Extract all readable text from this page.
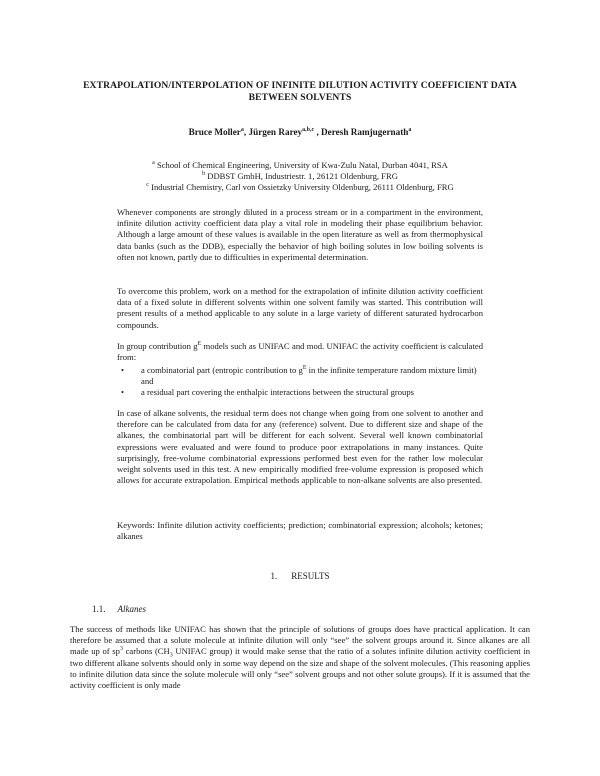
EXTRAPOLATION/INTERPOLATION OF INFINITE DILUTION ACTIVITY COEFFICIENT DATA BETWEEN SOLVENTS
Bruce Moller$^a$, Jürgen Rarey$^{a,b,c}$ , Deresh Ramjugernath$^a$
$^a$ School of Chemical Engineering, University of Kwa-Zulu Natal, Durban 4041, RSA
$^b$ DDBST GmbH, Industriestr. 1, 26121 Oldenburg, FRG
$^c$ Industrial Chemistry, Carl von Ossietzky University Oldenburg, 26111 Oldenburg, FRG

Whenever components are strongly diluted in a process stream or in a compartment in the environment, infinite dilution activity coefficient data play a vital role in modeling their phase equilibrium behavior. Although a large amount of these values is available in the open literature as well as from thermophysical data banks (such as the DDB), especially the behavior of high boiling solutes in low boiling solvents is often not known, partly due to difficulties in experimental determination.

To overcome this problem, work on a method for the extrapolation of infinite dilution activity coefficient data of a fixed solute in different solvents within one solvent family was started. This contribution will present results of a method applicable to any solute in a large variety of different saturated hydrocarbon compounds.

In group contribution $g^E$ models such as UNIFAC and mod. UNIFAC the activity coefficient is calculated from:

• a combinatorial part (entropic contribution to $g^E$ in the infinite temperature random mixture limit) and
• a residual part covering the enthalpic interactions between the structural groups

In case of alkane solvents, the residual term does not change when going from one solvent to another and therefore can be calculated from data for any (reference) solvent. Due to different size and shape of the alkanes, the combinatorial part will be different for each solvent. Several well known combinatorial expressions were evaluated and were found to produce poor extrapolations in many instances. Quite surprisingly, free-volume combinatorial expressions performed best even for the rather low molecular weight solvents used in this test. A new empirically modified free-volume expression is proposed which allows for accurate extrapolation. Empirical methods applicable to non-alkane solvents are also presented.

Keywords: Infinite dilution activity coefficients; prediction; combinatorial expression; alcohols; ketones; alkanes

1. RESULTS
1.1. Alkanes

The success of methods like UNIFAC has shown that the principle of solutions of groups does have practical application. It can therefore be assumed that a solute molecule at infinite dilution will only “see” the solvent groups around it. Since alkanes are all made up of $sp^3$ carbons ($CH_3$ UNIFAC group) it would make sense that the ratio of a solutes infinite dilution activity coefficient in two different alkane solvents should only in some way depend on the size and shape of the solvent molecules. (This reasoning applies to infinite dilution data since the solute molecule will only “see” solvent groups and not other solute groups). If it is assumed that the activity coefficient is only made
